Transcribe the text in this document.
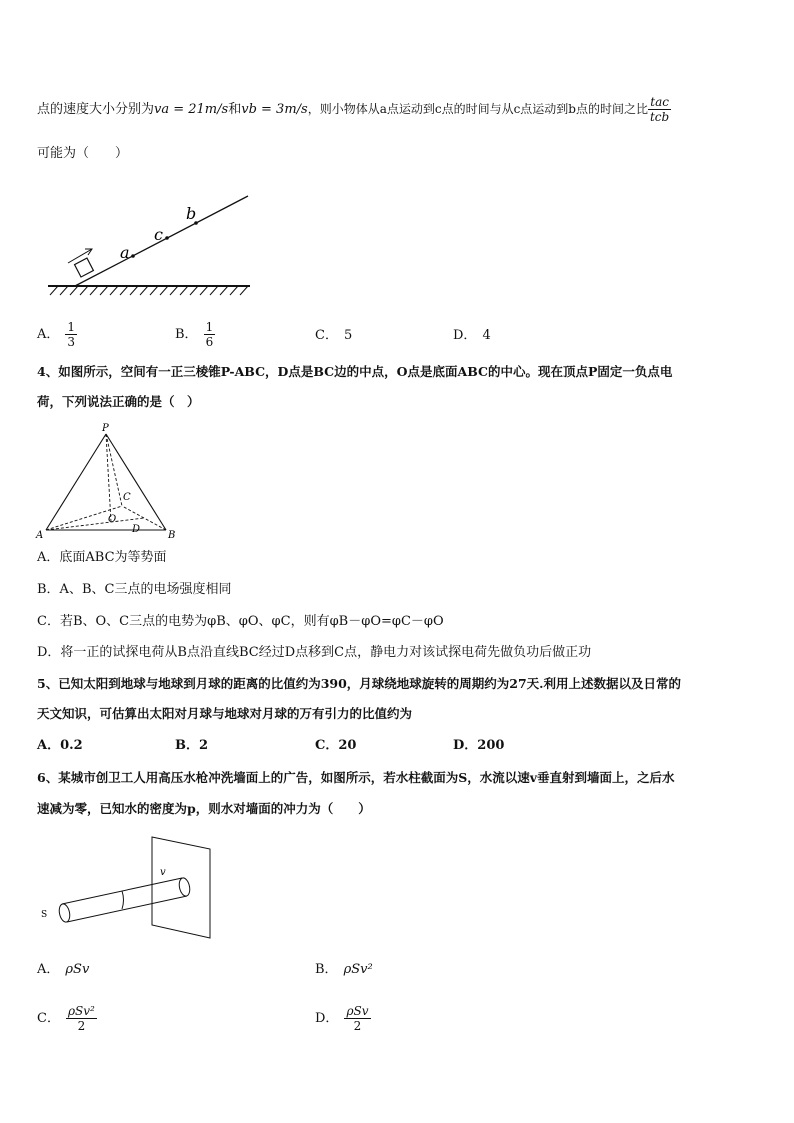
点的速度大小分别为va = 21m/s和vb = 3m/s，则小物体从a点运动到c点的时间与从c点运动到b点的时间之比 $\frac{\text{tac}}{\text{tcb}}$
可能为（　　）
a
c
b
A． $\frac{1}{3}$	B． $\frac{1}{6}$	C． 5	D． 4
4、如图所示，空间有一正三棱锥P-ABC，D点是BC边的中点，O点是底面ABC的中心。现在顶点P固定一负点电
荷，下列说法正确的是（　）
P
A	B
C
O
D
A．底面ABC为等势面
B．A、B、C三点的电场强度相同
C．若B、O、C三点的电势为φB、φO、φC，则有φB－φO=φC－φO
D．将一正的试探电荷从B点沿直线BC经过D点移到C点，静电力对该试探电荷先做负功后做正功
5、已知太阳到地球与地球到月球的距离的比值约为390，月球绕地球旋转的周期约为27天.利用上述数据以及日常的
天文知识，可估算出太阳对月球与地球对月球的万有引力的比值约为
A．0.2	B．2	C．20	D．200
6、某城市创卫工人用高压水枪冲洗墙面上的广告，如图所示，若水柱截面为S，水流以速v垂直射到墙面上，之后水
速减为零，已知水的密度为p，则水对墙面的冲力为（　　）
v
S
A． ρSv	B． ρSv²
C． $\frac{\text{ρSv²}}{2}$	D． $\frac{\text{ρSv}}{2}$
